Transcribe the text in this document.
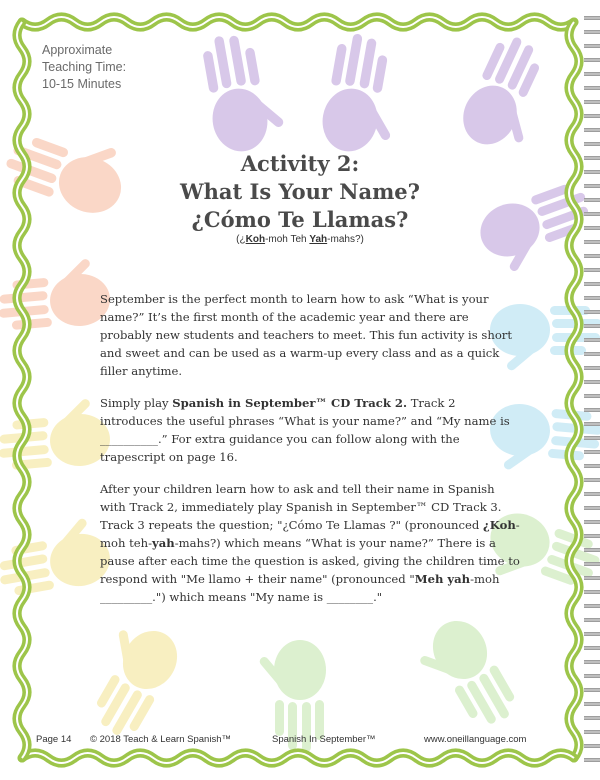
Approximate
Teaching Time:
10-15 Minutes

Activity 2:

What Is Your Name?

¿Cómo Te Llamas?

(¿Koh-moh Teh Yah-mahs?)

September is the perfect month to learn how to ask “What is your name?” It’s the first month of the academic year and there are probably new students and teachers to meet. This fun activity is short and sweet and can be used as a warm-up every class and as a quick filler anytime.

Simply play Spanish in September™ CD Track 2. Track 2 introduces the useful phrases “What is your name?” and “My name is __________.” For extra guidance you can follow along with the trapescript on page 16.

After your children learn how to ask and tell their name in Spanish with Track 2, immediately play Spanish in September™ CD Track 3. Track 3 repeats the question; "¿Cómo Te Llamas ?" (pronounced ¿Koh-moh teh-yah-mahs?) which means “What is your name?” There is a pause after each time the question is asked, giving the children time to respond with "Me llamo + their name" (pronounced "Meh yah-moh _________.") which means "My name is ________."

Page 14 © 2018 Teach & Learn Spanish™	Spanish In September™	www.oneillanguage.com
